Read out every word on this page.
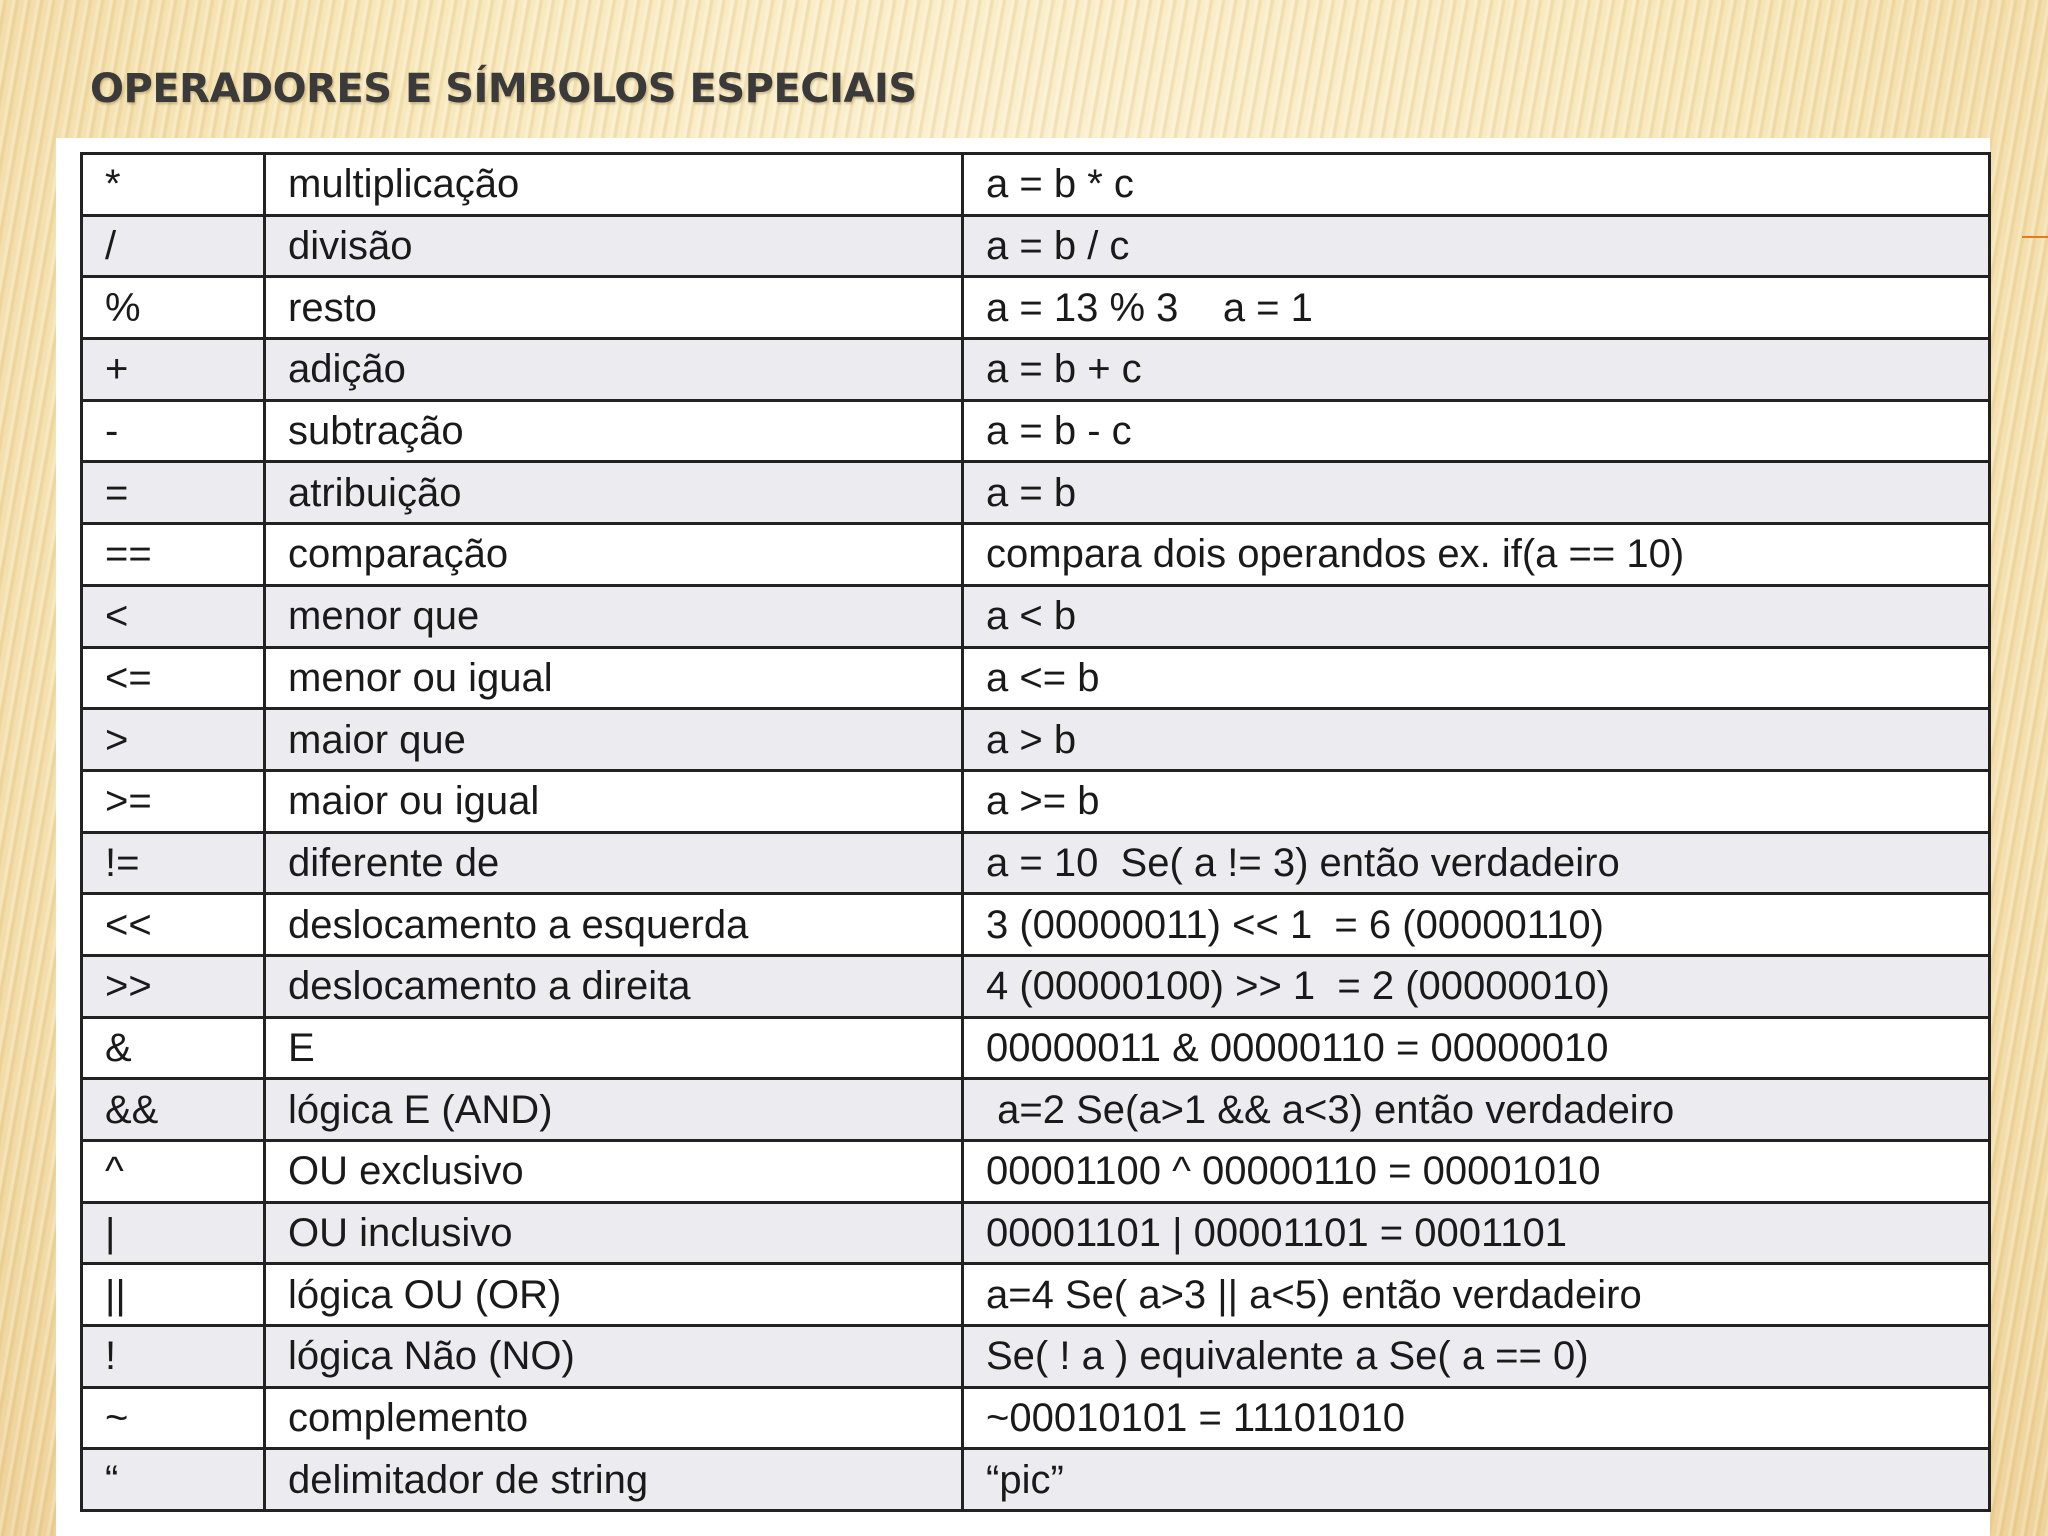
OPERADORES E SÍMBOLOS ESPECIAIS
*	multiplicação	a = b * c
/	divisão	a = b / c
%	resto	a = 13 % 3    a = 1
+	adição	a = b + c
-	subtração	a = b - c
=	atribuição	a = b
==	comparação	compara dois operandos ex. if(a == 10)
<	menor que	a < b
<=	menor ou igual	a <= b
>	maior que	a > b
>=	maior ou igual	a >= b
!=	diferente de	a = 10  Se( a != 3) então verdadeiro
<<	deslocamento a esquerda	3 (00000011) << 1  = 6 (00000110)
>>	deslocamento a direita	4 (00000100) >> 1  = 2 (00000010)
&	E	00000011 & 00000110 = 00000010
&&	lógica E (AND)	a=2 Se(a>1 && a<3) então verdadeiro
^	OU exclusivo	00001100 ^ 00000110 = 00001010
|	OU inclusivo	00001101 | 00001101 = 0001101
||	lógica OU (OR)	a=4 Se( a>3 || a<5) então verdadeiro
!	lógica Não (NO)	Se( ! a ) equivalente a Se( a == 0)
~	complemento	~00010101 = 11101010
“	delimitador de string	“pic”
